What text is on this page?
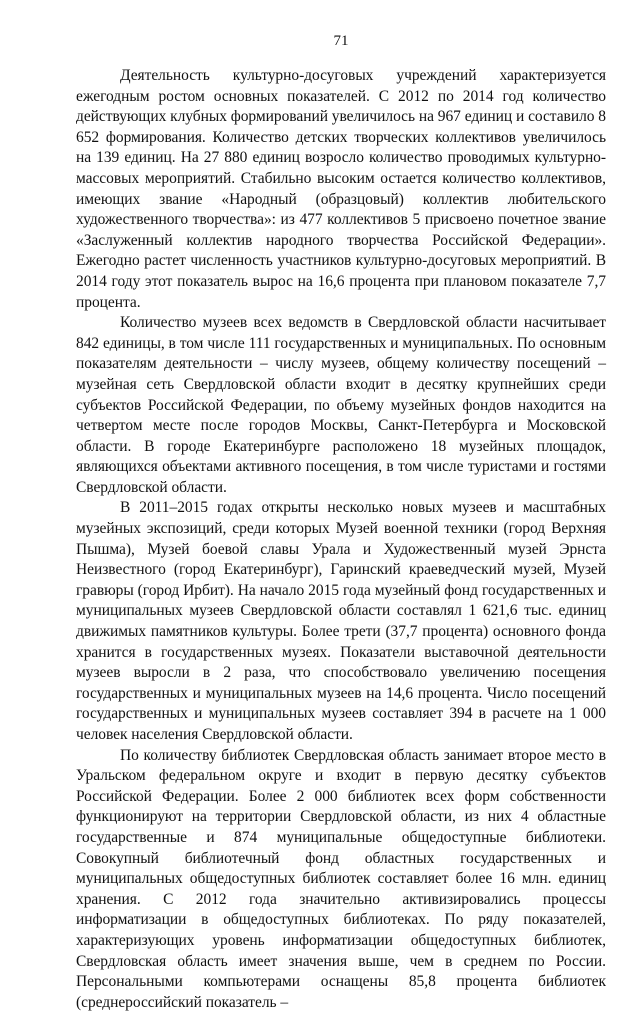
71

Деятельность культурно-досуговых учреждений характеризуется ежегодным ростом основных показателей. С 2012 по 2014 год количество действующих клубных формирований увеличилось на 967 единиц и составило 8 652 формирования. Количество детских творческих коллективов увеличилось на 139 единиц. На 27 880 единиц возросло количество проводимых культурно-массовых мероприятий. Стабильно высоким остается количество коллективов, имеющих звание «Народный (образцовый) коллектив любительского художественного творчества»: из 477 коллективов 5 присвоено почетное звание «Заслуженный коллектив народного творчества Российской Федерации». Ежегодно растет численность участников культурно-досуговых мероприятий. В 2014 году этот показатель вырос на 16,6 процента при плановом показателе 7,7 процента.

Количество музеев всех ведомств в Свердловской области насчитывает 842 единицы, в том числе 111 государственных и муниципальных. По основным показателям деятельности – числу музеев, общему количеству посещений – музейная сеть Свердловской области входит в десятку крупнейших среди субъектов Российской Федерации, по объему музейных фондов находится на четвертом месте после городов Москвы, Санкт-Петербурга и Московской области. В городе Екатеринбурге расположено 18 музейных площадок, являющихся объектами активного посещения, в том числе туристами и гостями Свердловской области.

В 2011–2015 годах открыты несколько новых музеев и масштабных музейных экспозиций, среди которых Музей военной техники (город Верхняя Пышма), Музей боевой славы Урала и Художественный музей Эрнста Неизвестного (город Екатеринбург), Гаринский краеведческий музей, Музей гравюры (город Ирбит). На начало 2015 года музейный фонд государственных и муниципальных музеев Свердловской области составлял 1 621,6 тыс. единиц движимых памятников культуры. Более трети (37,7 процента) основного фонда хранится в государственных музеях. Показатели выставочной деятельности музеев выросли в 2 раза, что способствовало увеличению посещения государственных и муниципальных музеев на 14,6 процента. Число посещений государственных и муниципальных музеев составляет 394 в расчете на 1 000 человек населения Свердловской области.

По количеству библиотек Свердловская область занимает второе место в Уральском федеральном округе и входит в первую десятку субъектов Российской Федерации. Более 2 000 библиотек всех форм собственности функционируют на территории Свердловской области, из них 4 областные государственные и 874 муниципальные общедоступные библиотеки. Совокупный библиотечный фонд областных государственных и муниципальных общедоступных библиотек составляет более 16 млн. единиц хранения. С 2012 года значительно активизировались процессы информатизации в общедоступных библиотеках. По ряду показателей, характеризующих уровень информатизации общедоступных библиотек, Свердловская область имеет значения выше, чем в среднем по России. Персональными компьютерами оснащены 85,8 процента библиотек (среднероссийский показатель –
